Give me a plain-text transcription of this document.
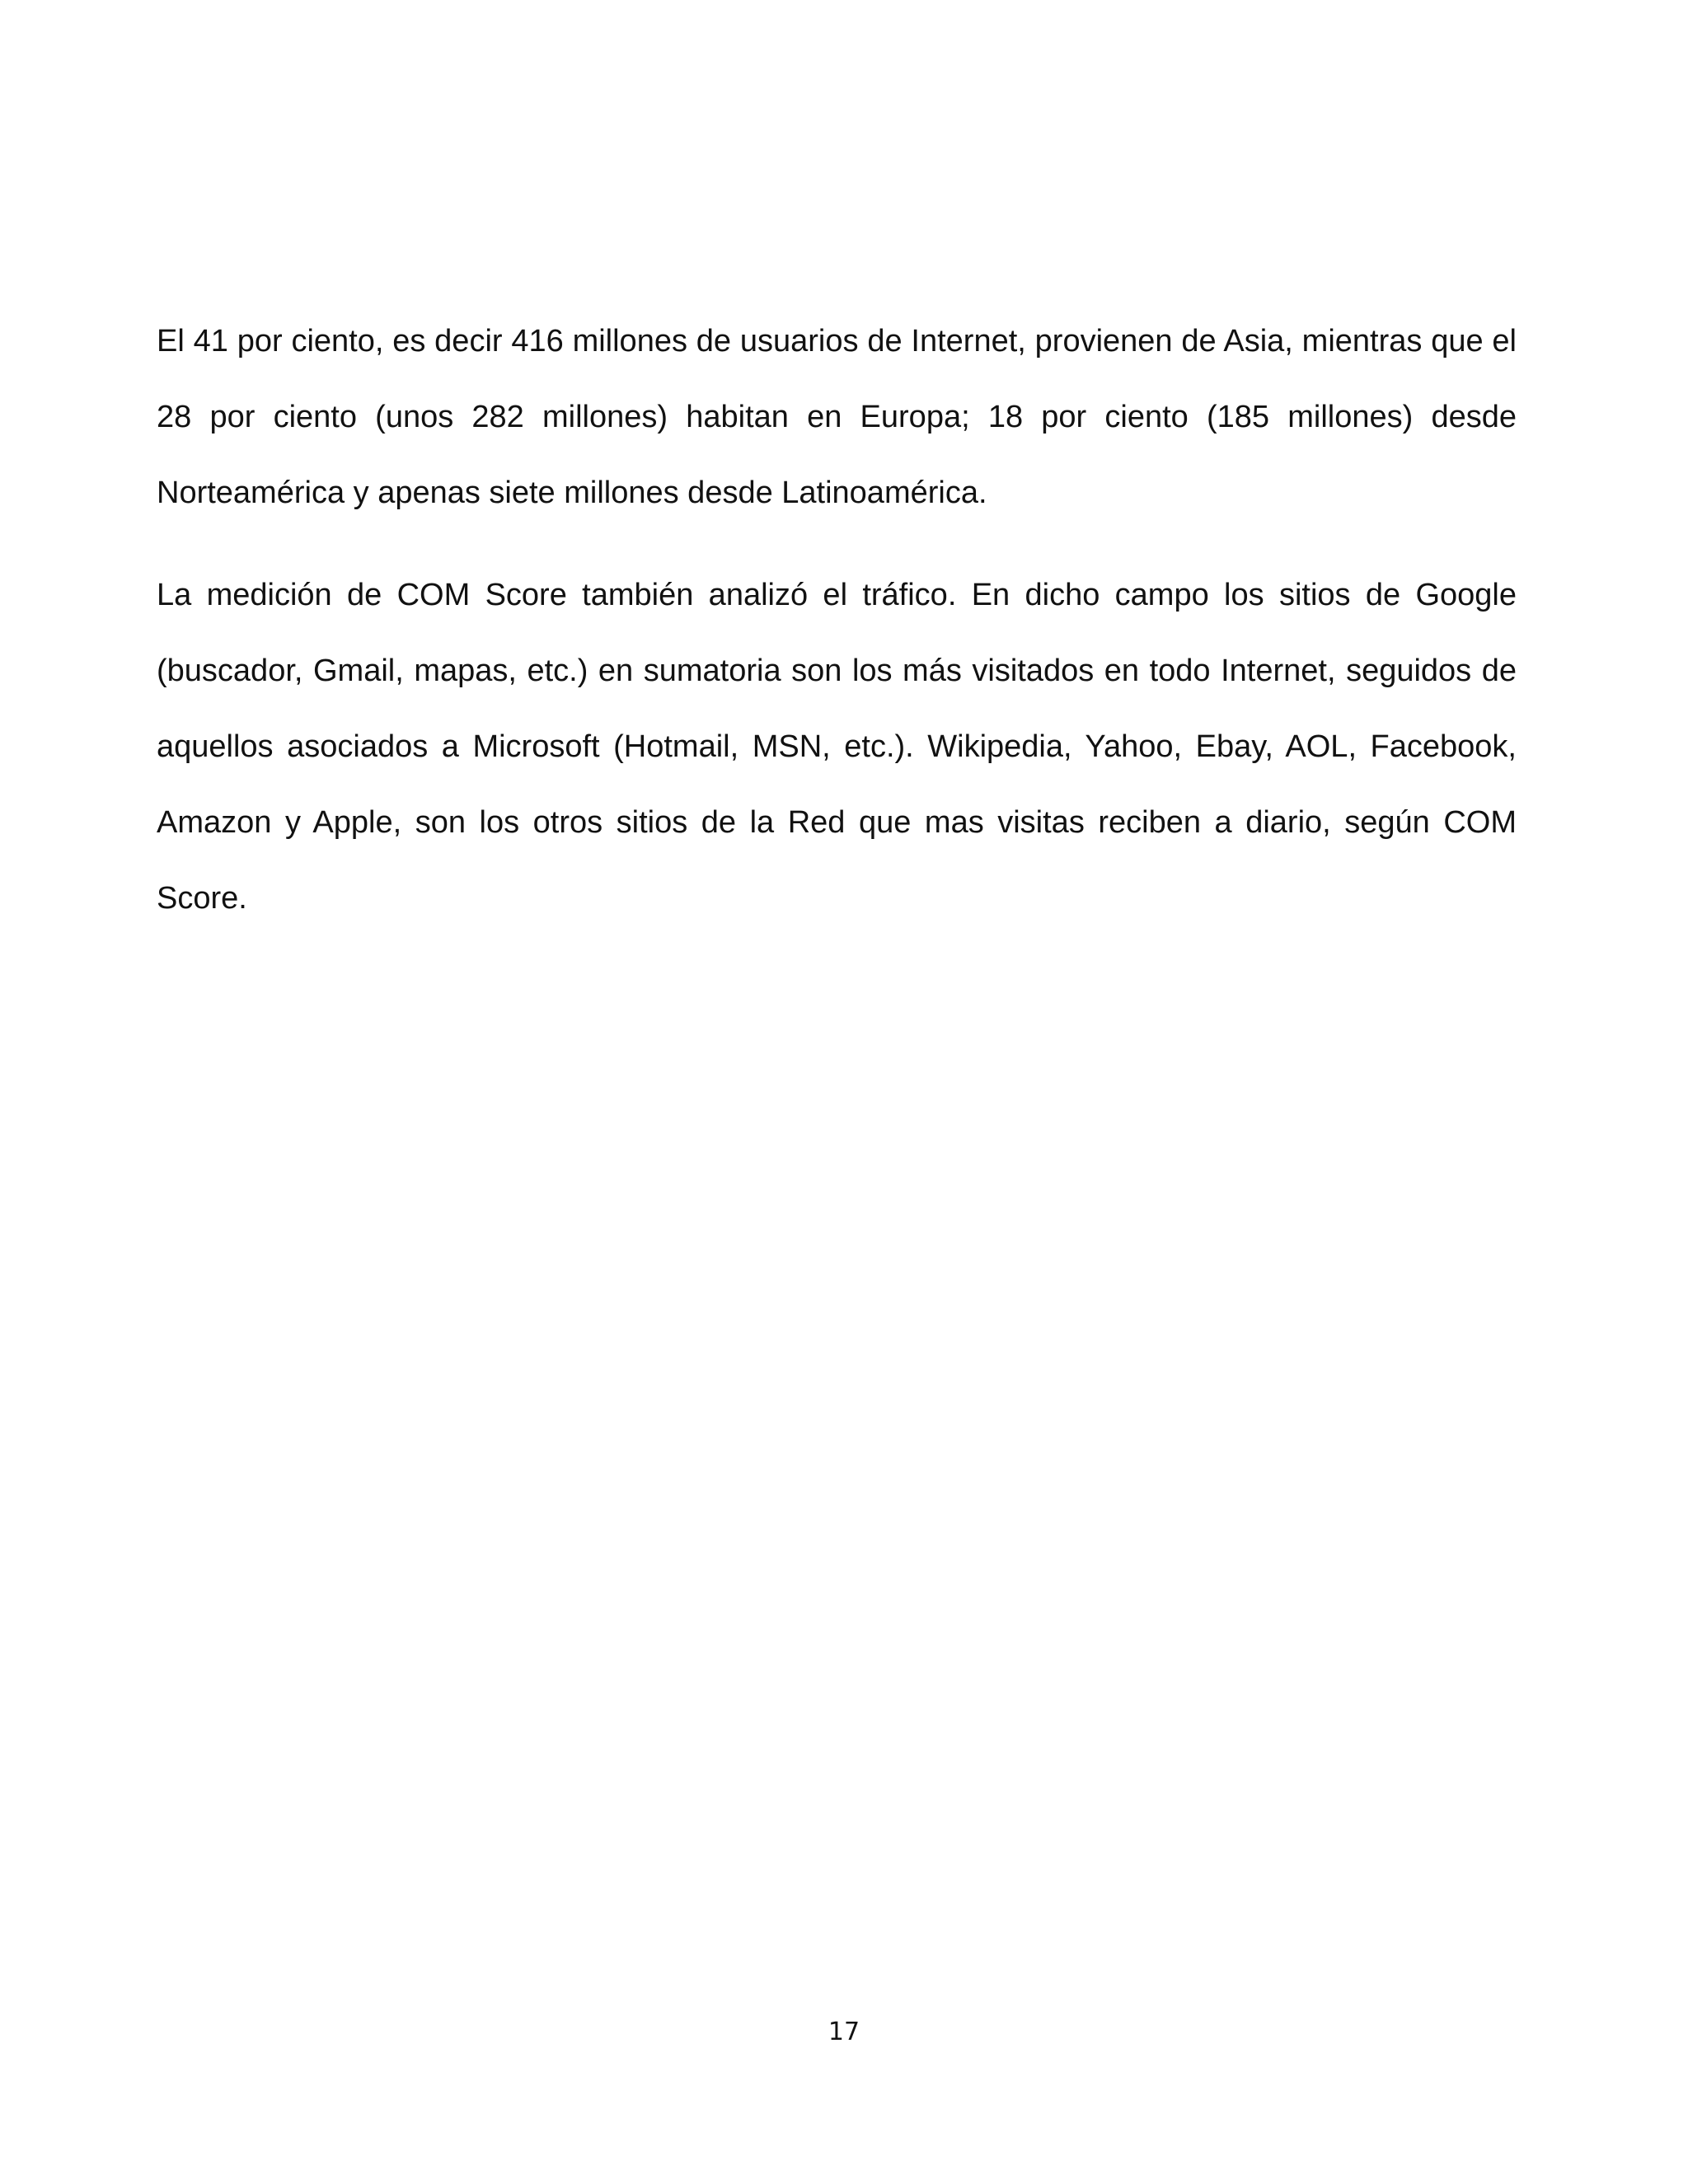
El 41 por ciento, es decir 416 millones de usuarios de Internet, provienen de Asia, mientras que el 28 por ciento (unos 282 millones) habitan en Europa; 18 por ciento (185 millones) desde Norteamérica y apenas siete millones desde Latinoamérica.

La medición de COM Score también analizó el tráfico. En dicho campo los sitios de Google (buscador, Gmail, mapas, etc.) en sumatoria son los más visitados en todo Internet, seguidos de aquellos asociados a Microsoft (Hotmail, MSN, etc.). Wikipedia, Yahoo, Ebay, AOL, Facebook, Amazon y Apple, son los otros sitios de la Red que mas visitas reciben a diario, según COM Score.

17
